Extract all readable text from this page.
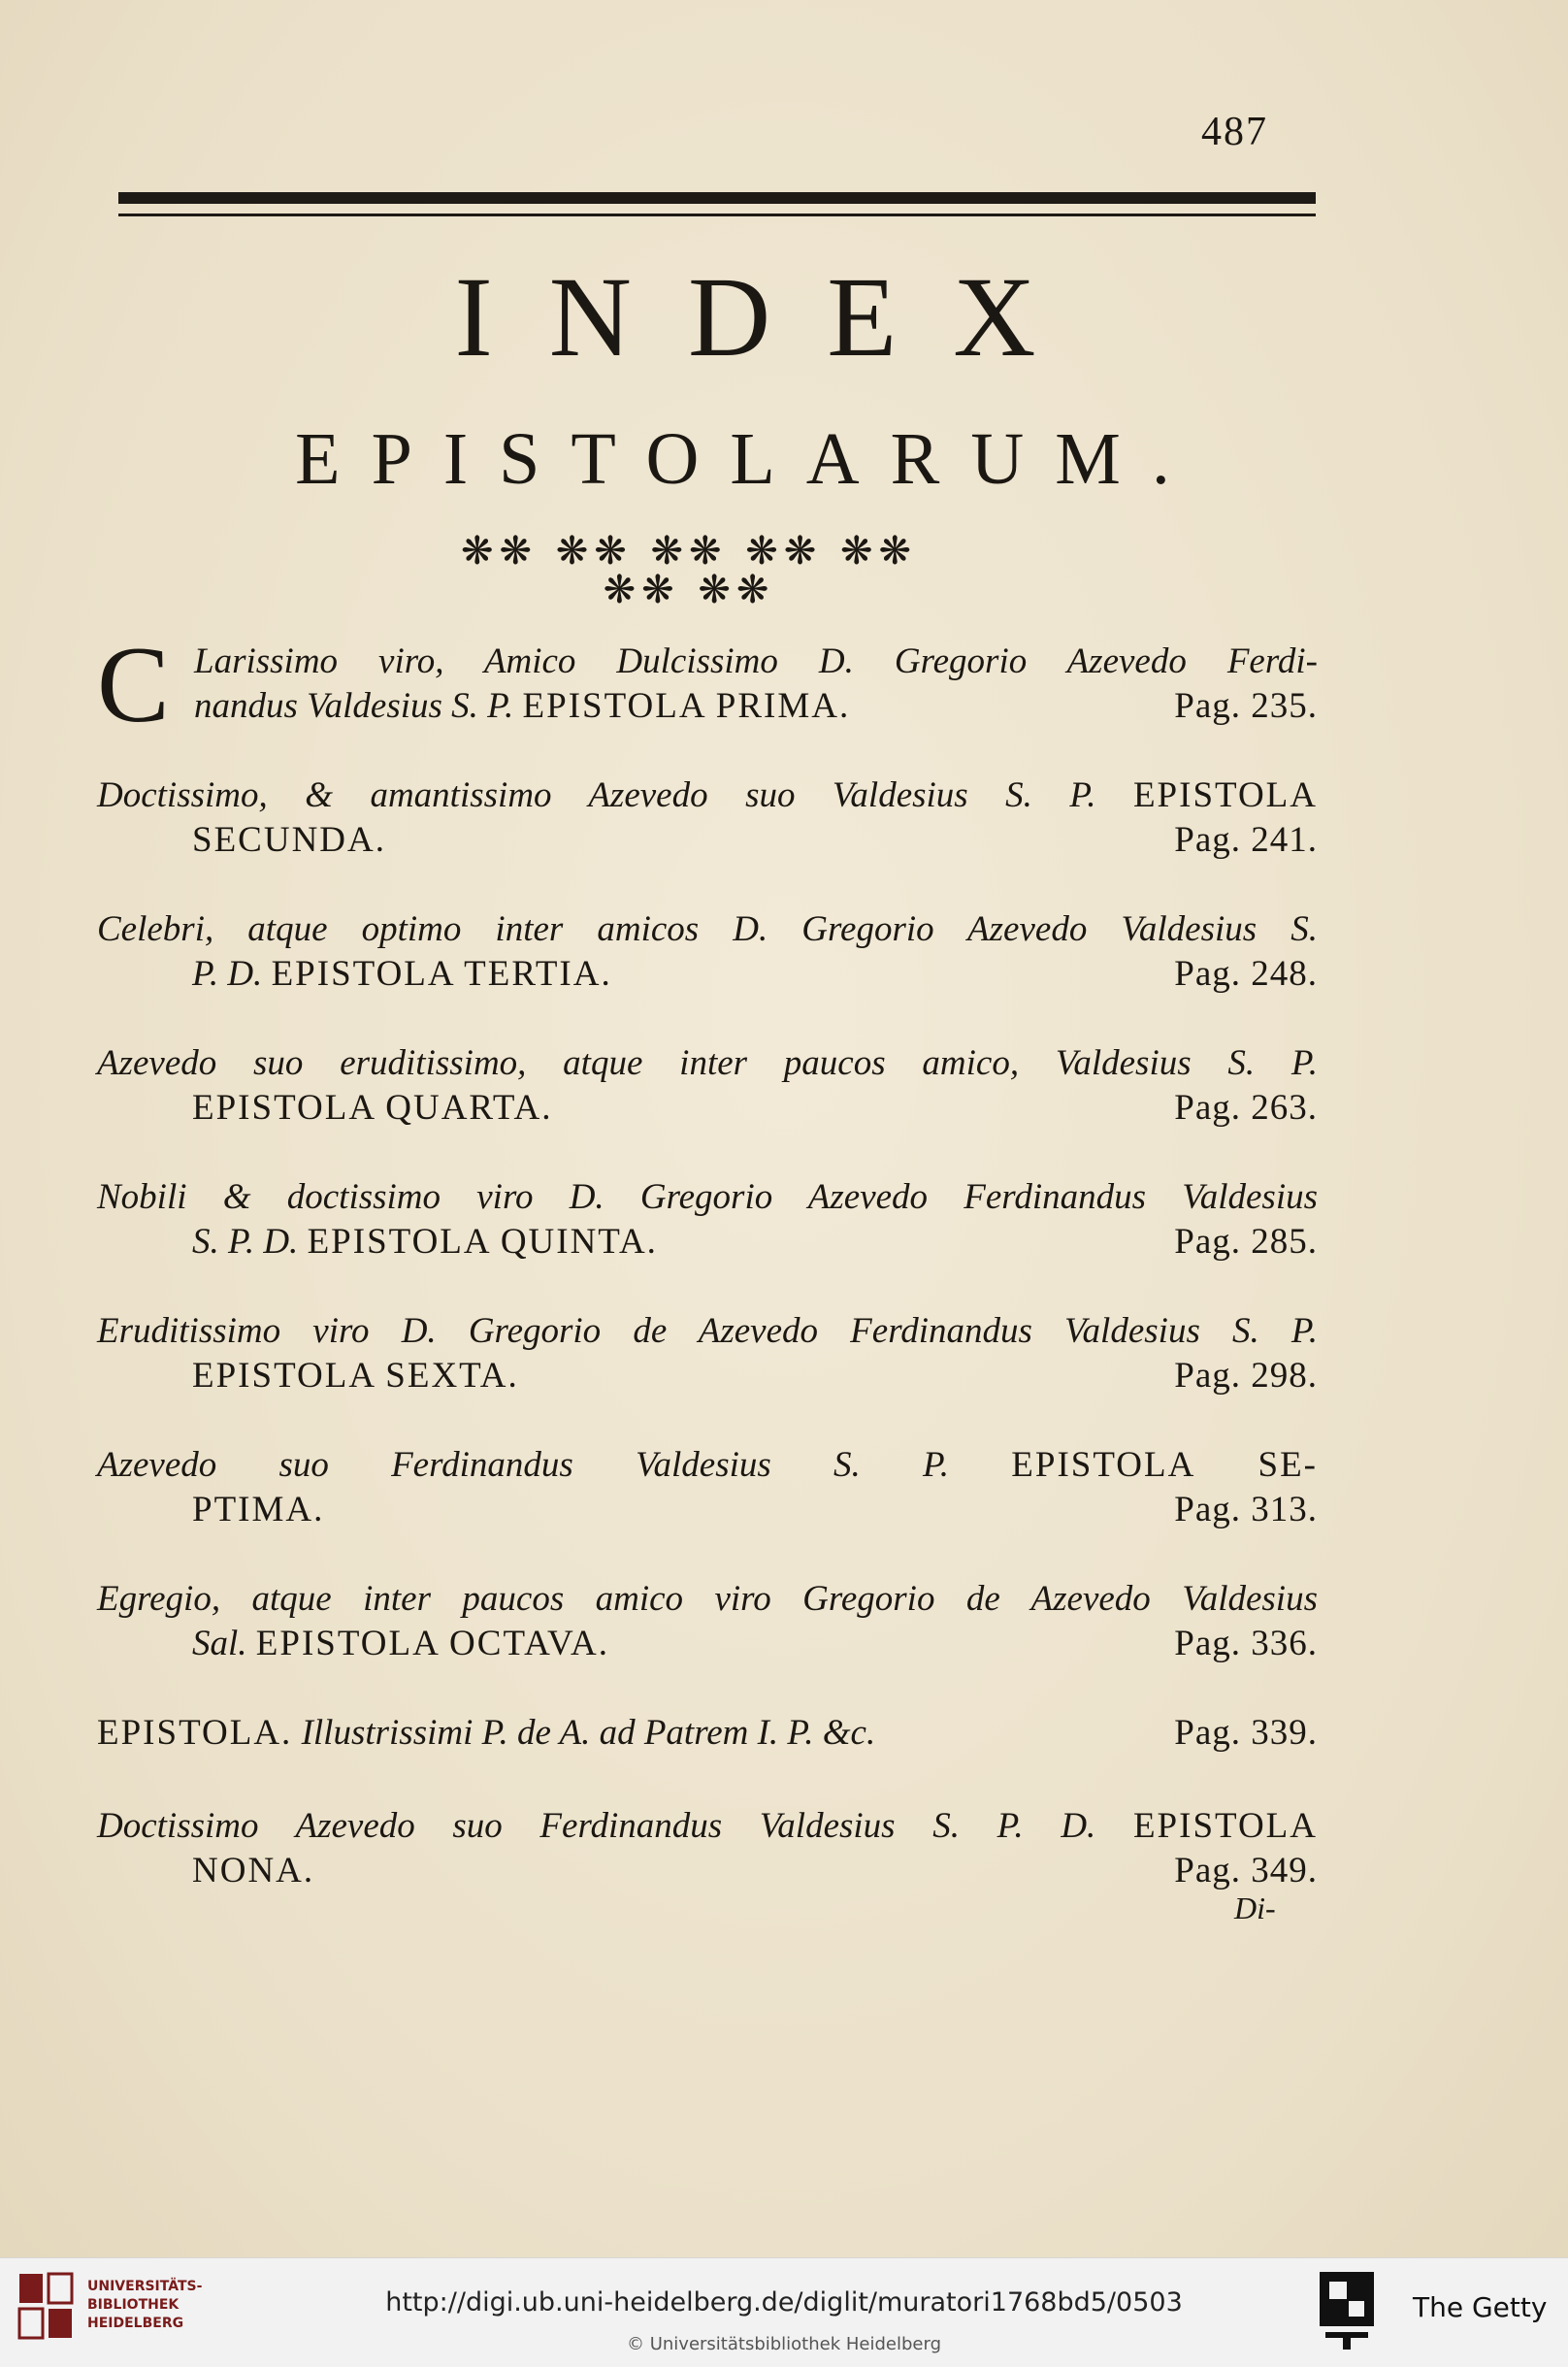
487
INDEX
EPISTOLARUM.
❋❋ ❋❋ ❋❋ ❋❋ ❋❋ ❋❋ ❋❋
C Larissimo viro, Amico Dulcissimo D. Gregorio Azevedo Ferdi-
nandus Valdesius S. P. EPISTOLA PRIMA.	Pag. 235.
Doctissimo, & amantissimo Azevedo suo Valdesius S. P. EPISTOLA
SECUNDA.	Pag. 241.
Celebri, atque optimo inter amicos D. Gregorio Azevedo Valdesius S.
P. D. EPISTOLA TERTIA.	Pag. 248.
Azevedo suo eruditissimo, atque inter paucos amico, Valdesius S. P.
EPISTOLA QUARTA.	Pag. 263.
Nobili & doctissimo viro D. Gregorio Azevedo Ferdinandus Valdesius
S. P. D. EPISTOLA QUINTA.	Pag. 285.
Eruditissimo viro D. Gregorio de Azevedo Ferdinandus Valdesius S. P.
EPISTOLA SEXTA.	Pag. 298.
Azevedo suo Ferdinandus Valdesius S. P. EPISTOLA SE-
PTIMA.	Pag. 313.
Egregio, atque inter paucos amico viro Gregorio de Azevedo Valdesius
Sal. EPISTOLA OCTAVA.	Pag. 336.
EPISTOLA. Illustrissimi P. de A. ad Patrem I. P. &c.	Pag. 339.
Doctissimo Azevedo suo Ferdinandus Valdesius S. P. D. EPISTOLA
NONA.	Pag. 349.
Di-
UNIVERSITÄTS-
BIBLIOTHEK
HEIDELBERG
http://digi.ub.uni-heidelberg.de/diglit/muratori1768bd5/0503
© Universitätsbibliothek Heidelberg
The Getty
